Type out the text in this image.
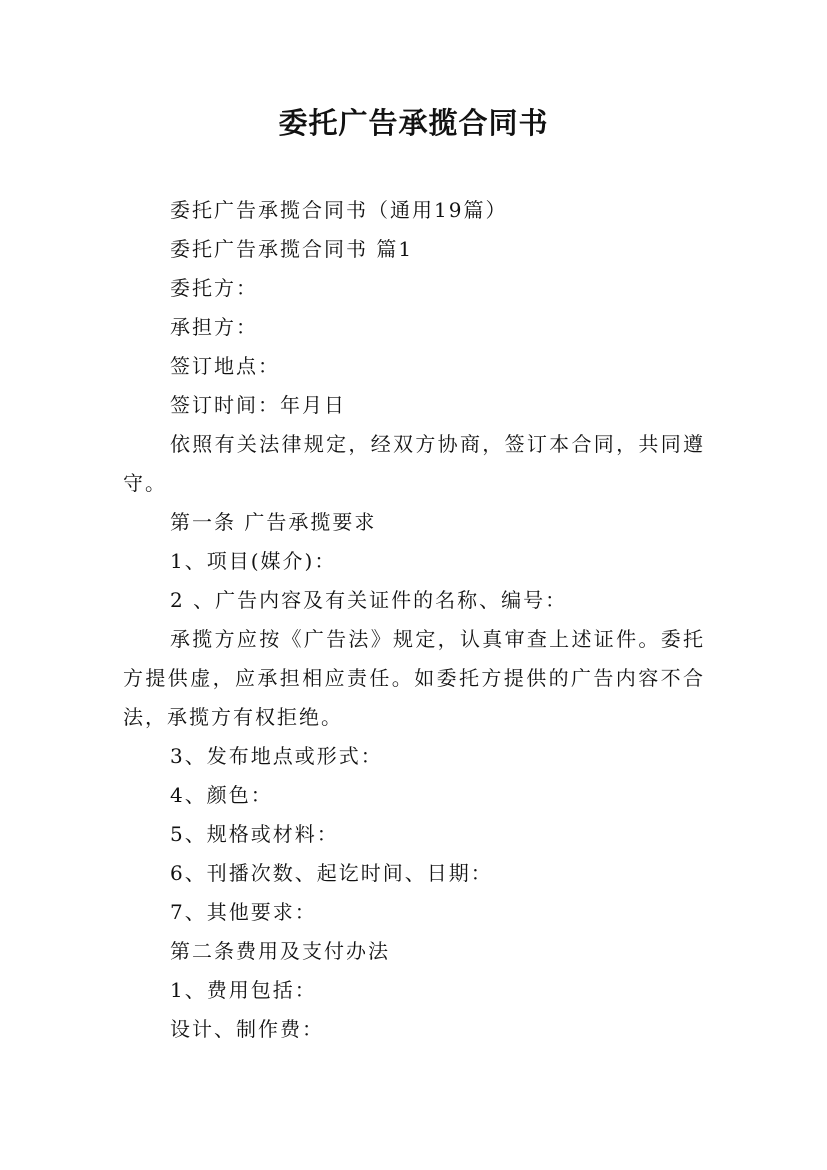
委托广告承揽合同书

委托广告承揽合同书（通用19篇）

委托广告承揽合同书 篇1

委托方：

承担方：

签订地点：

签订时间：年月日

依照有关法律规定，经双方协商，签订本合同，共同遵守。

第一条 广告承揽要求

1、项目(媒介)：

2 、广告内容及有关证件的名称、编号：

承揽方应按《广告法》规定，认真审查上述证件。委托方提供虚，应承担相应责任。如委托方提供的广告内容不合法，承揽方有权拒绝。

3、发布地点或形式：

4、颜色：

5、规格或材料：

6、刊播次数、起讫时间、日期：

7、其他要求：

第二条费用及支付办法

1、费用包括：

设计、制作费：
